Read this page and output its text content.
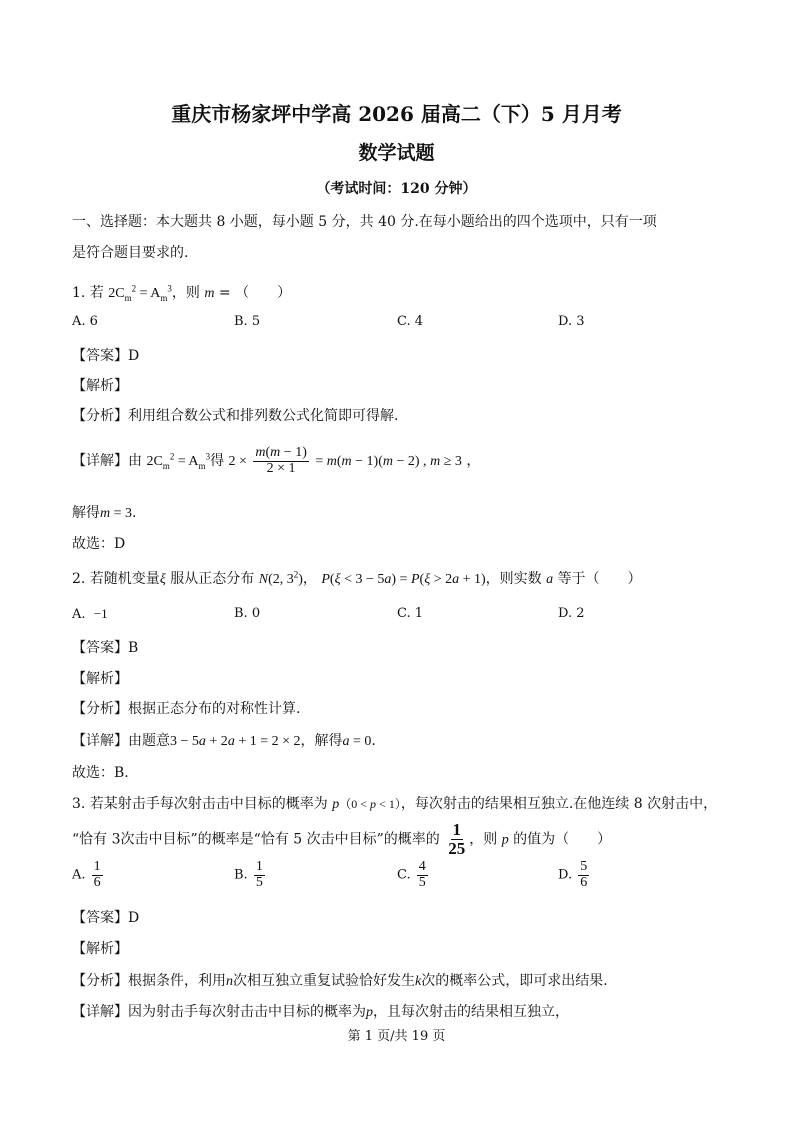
重庆市杨家坪中学高 2026 届高二（下）5 月月考
数学试题
（考试时间：120 分钟）
一、选择题：本大题共 8 小题，每小题 5 分，共 40 分.在每小题给出的四个选项中，只有一项
是符合题目要求的.
1. 若 $2C_m^2 = A_m^3$，则 m = （　　）
A. 6	B. 5	C. 4	D. 3
【答案】D
【解析】
【分析】利用组合数公式和排列数公式化简即可得解.
【详解】由 $2C_m^2 = A_m^3$得 $2 \times \frac{m(m - 1)}{2 \times 1} = m(m - 1)(m - 2)$ , m ≥ 3 ，
解得m = 3.
故选：D
2. 若随机变量ξ 服从正态分布 N(2, $3^2$)， P(ξ < 3 − 5a) = P(ξ > 2a + 1)，则实数 a 等于（　　）
A. −1	B. 0	C. 1	D. 2
【答案】B
【解析】
【分析】根据正态分布的对称性计算.
【详解】由题意3 − 5a + 2a + 1 = 2 × 2，解得a = 0.
故选：B.
3. 若某射击手每次射击击中目标的概率为 p（0 < p < 1），每次射击的结果相互独立.在他连续 8 次射击中，
“恰有 3次击中目标”的概率是“恰有 5 次击中目标”的概率的 $\frac{1}{25}$ ，则 p 的值为（　　）
A. $\frac{1}{6}$	B. $\frac{1}{5}$	C. $\frac{4}{5}$	D. $\frac{5}{6}$
【答案】D
【解析】
【分析】根据条件，利用n次相互独立重复试验恰好发生k次的概率公式，即可求出结果.
【详解】因为射击手每次射击击中目标的概率为p，且每次射击的结果相互独立，
第 1 页/共 19 页
